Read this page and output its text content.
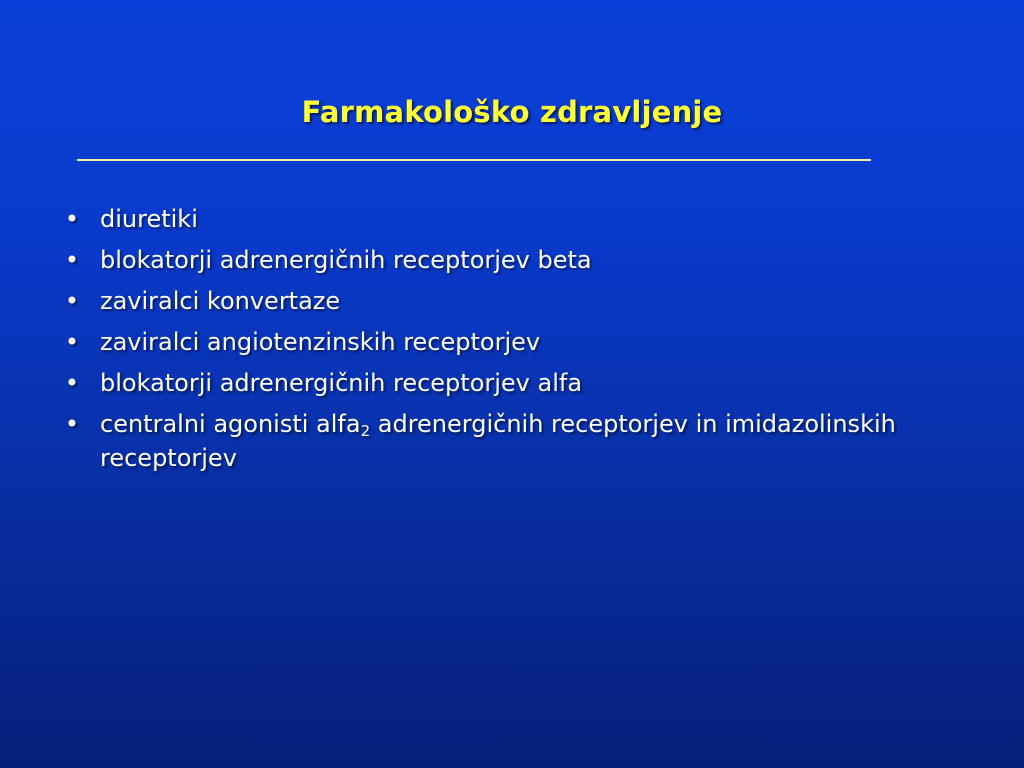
Farmakološko zdravljenje
• diuretiki
• blokatorji adrenergičnih receptorjev beta
• zaviralci konvertaze
• zaviralci angiotenzinskih receptorjev
• blokatorji adrenergičnih receptorjev alfa
• centralni agonisti alfa$_2$ adrenergičnih receptorjev in imidazolinskih receptorjev
